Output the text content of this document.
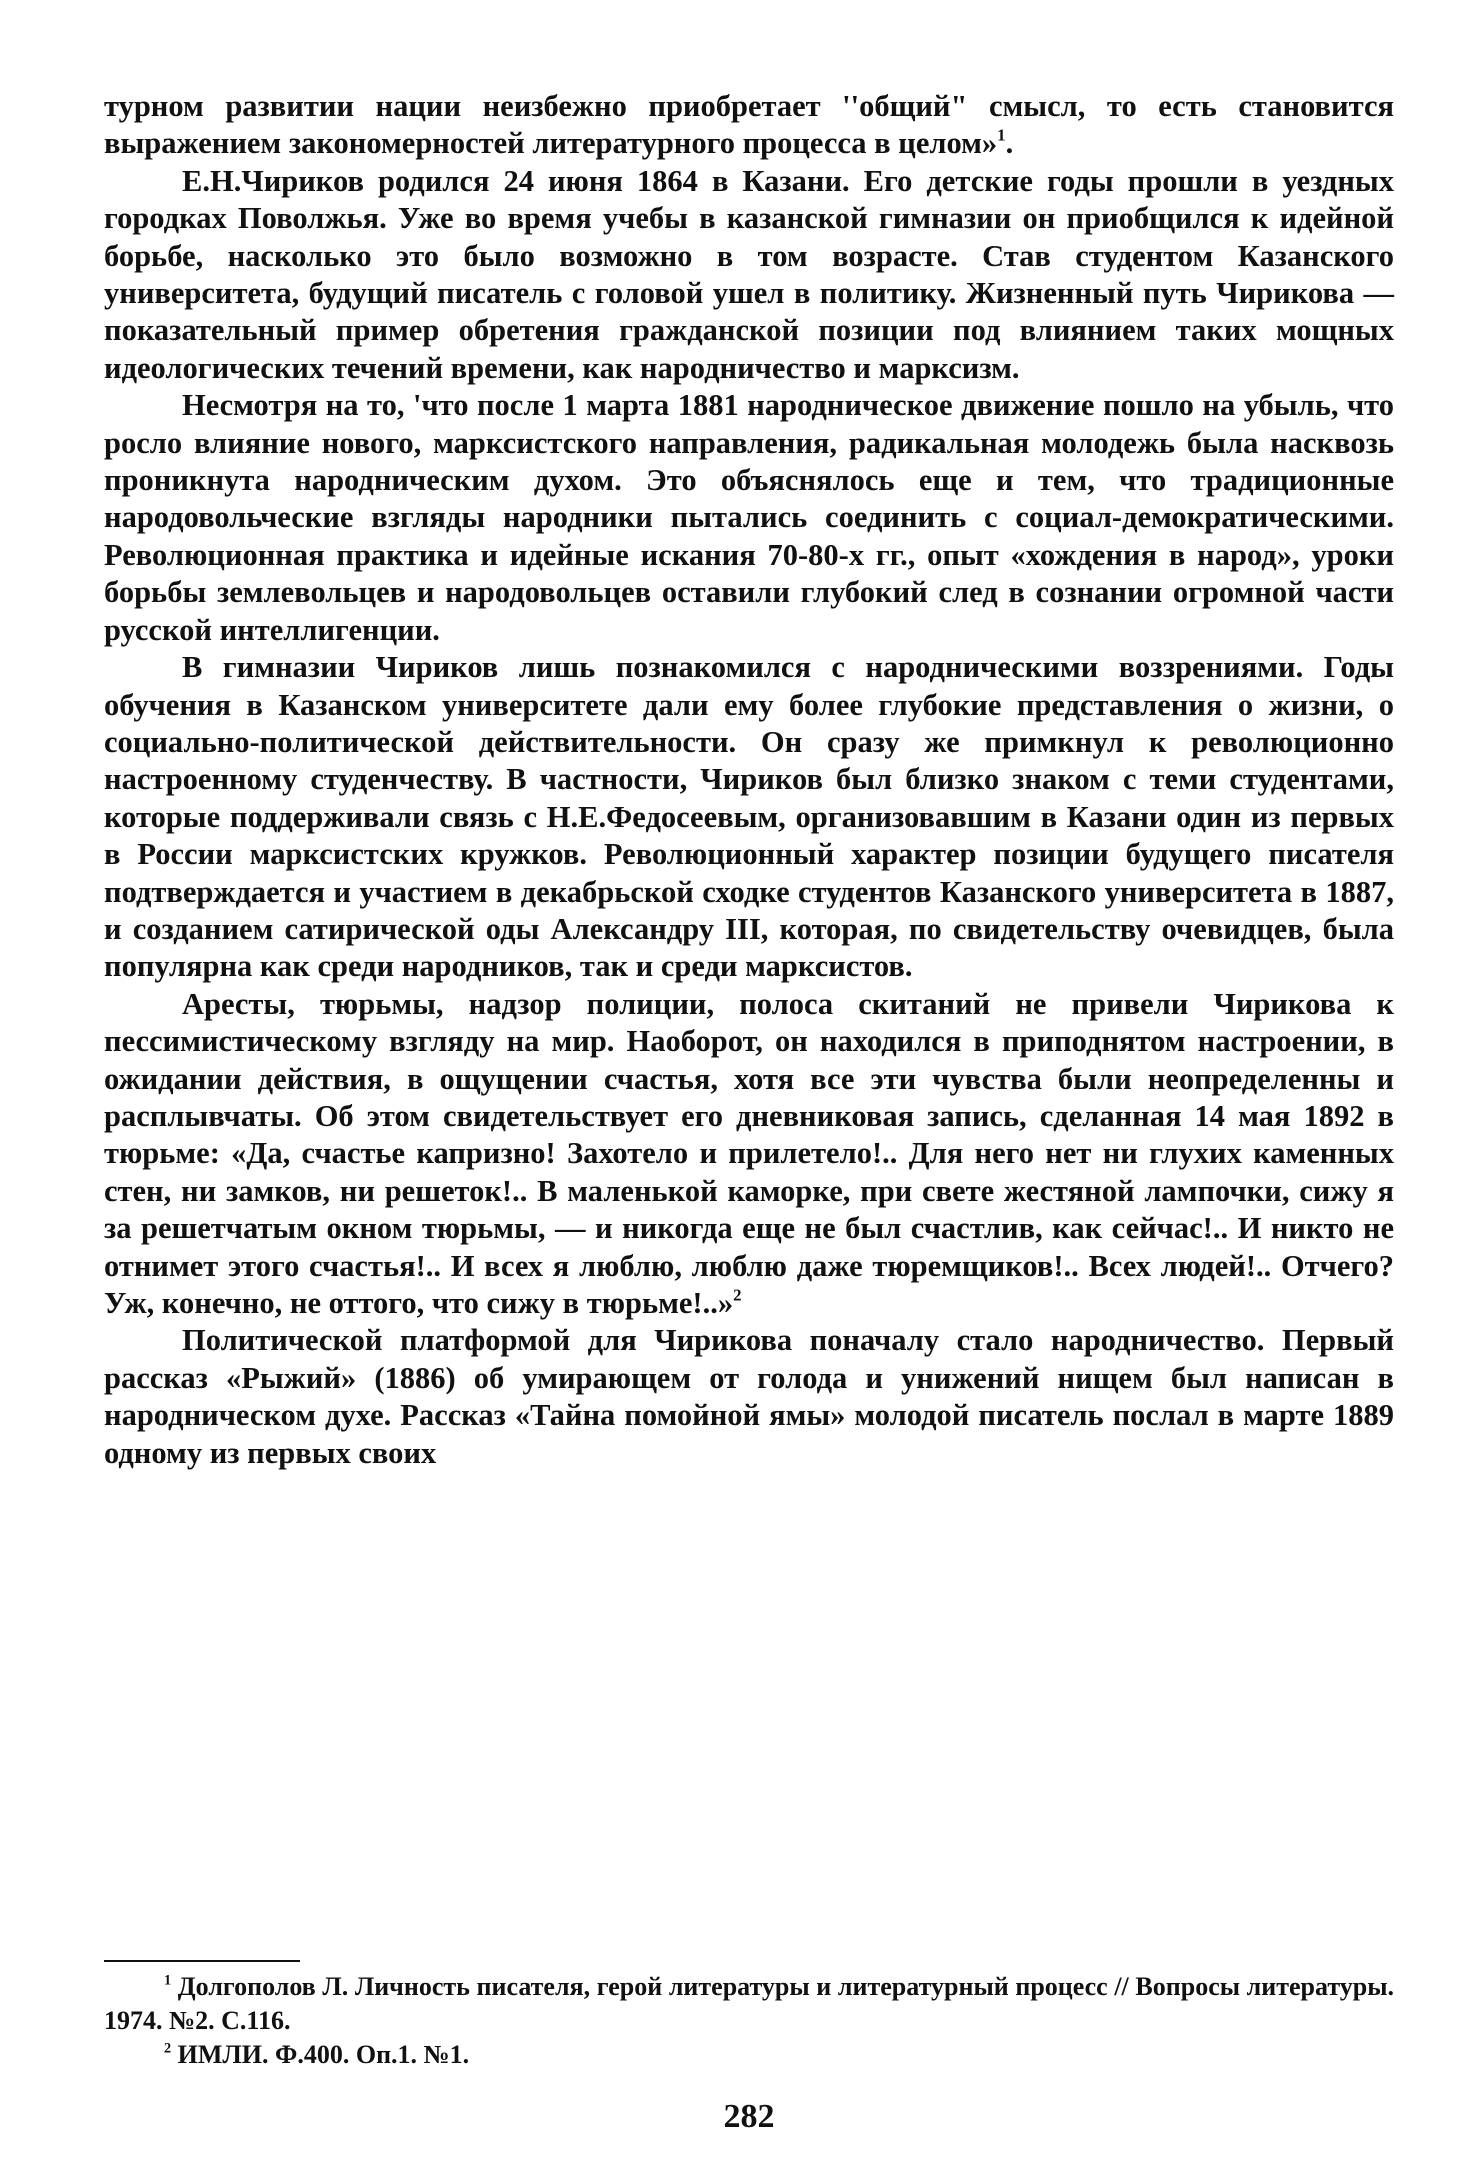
турном развитии нации неизбежно приобретает ''общий" смысл, то есть становится выражением закономерностей литературного процесса в целом»$^1$.

Е.Н.Чириков родился 24 июня 1864 в Казани. Его детские годы прошли в уездных городках Поволжья. Уже во время учебы в казанской гимназии он приобщился к идейной борьбе, насколько это было возможно в том возрасте. Став студентом Казанского университета, будущий писатель с головой ушел в политику. Жизненный путь Чирикова — показательный пример обретения гражданской позиции под влиянием таких мощных идеологических течений времени, как народничество и марксизм.

Несмотря на то, 'что после 1 марта 1881 народническое движение пошло на убыль, что росло влияние нового, марксистского направления, радикальная молодежь была насквозь проникнута народническим духом. Это объяснялось еще и тем, что традиционные народовольческие взгляды народники пытались соединить с социал-демократическими. Революционная практика и идейные искания 70-80-х гг., опыт «хождения в народ», уроки борьбы землевольцев и народовольцев оставили глубокий след в сознании огромной части русской интеллигенции.

В гимназии Чириков лишь познакомился с народническими воззрениями. Годы обучения в Казанском университете дали ему более глубокие представления о жизни, о социально-политической действительности. Он сразу же примкнул к революционно настроенному студенчеству. В частности, Чириков был близко знаком с теми студентами, которые поддерживали связь с Н.Е.Федосеевым, организовавшим в Казани один из первых в России марксистских кружков. Революционный характер позиции будущего писателя подтверждается и участием в декабрьской сходке студентов Казанского университета в 1887, и созданием сатирической оды Александру III, которая, по свидетельству очевидцев, была популярна как среди народников, так и среди марксистов.

Аресты, тюрьмы, надзор полиции, полоса скитаний не привели Чирикова к пессимистическому взгляду на мир. Наоборот, он находился в приподнятом настроении, в ожидании действия, в ощущении счастья, хотя все эти чувства были неопределенны и расплывчаты. Об этом свидетельствует его дневниковая запись, сделанная 14 мая 1892 в тюрьме: «Да, счастье капризно! Захотело и прилетело!.. Для него нет ни глухих каменных стен, ни замков, ни решеток!.. В маленькой каморке, при свете жестяной лампочки, сижу я за решетчатым окном тюрьмы, — и никогда еще не был счастлив, как сейчас!.. И никто не отнимет этого счастья!.. И всех я люблю, люблю даже тюремщиков!.. Всех людей!.. Отчего? Уж, конечно, не оттого, что сижу в тюрьме!..»$^2$

Политической платформой для Чирикова поначалу стало народничество. Первый рассказ «Рыжий» (1886) об умирающем от голода и унижений нищем был написан в народническом духе. Рассказ «Тайна помойной ямы» молодой писатель послал в марте 1889 одному из первых своих

$^1$ Долгополов Л. Личность писателя, герой литературы и литературный процесс // Вопросы литературы. 1974. №2. С.116.

$^2$ ИМЛИ. Ф.400. Оп.1. №1.

282
